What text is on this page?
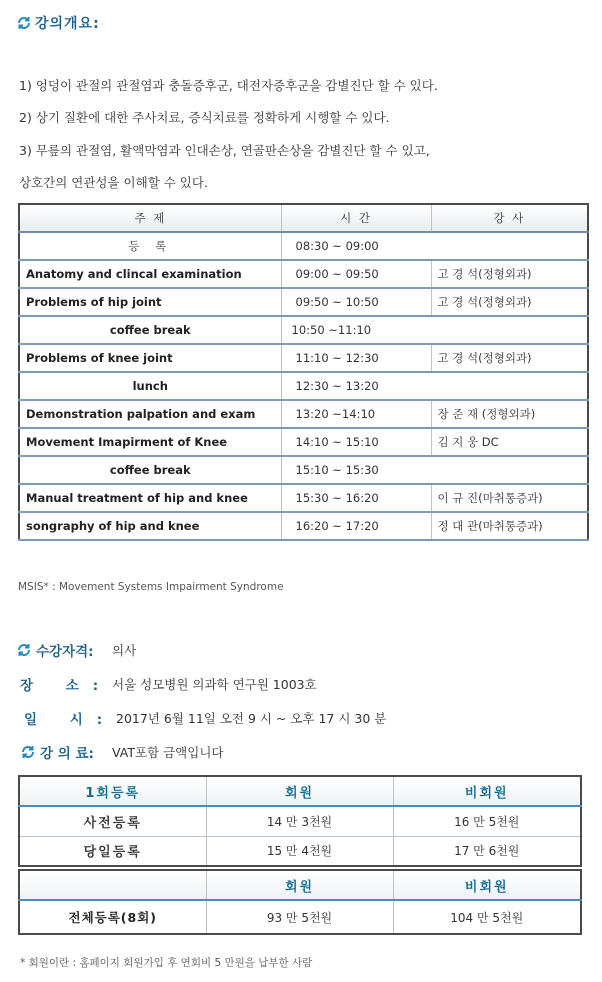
강의개요:
1) 엉덩이 관절의 관절염과 충돌증후군, 대전자증후군을 감별진단 할 수 있다.
2) 상기 질환에 대한 주사치료, 증식치료를 정확하게 시행할 수 있다.
3) 무릎의 관절염, 활액막염과 인대손상, 연골판손상을 감별진단 할 수 있고,
상호간의 연관성을 이해할 수 있다.
주 제	시 간	강 사
등 록	08:30 ~ 09:00	
Anatomy and clincal examination	09:00 ~ 09:50	고 경 석(정형외과)
Problems of hip joint	09:50 ~ 10:50	고 경 석(정형외과)
coffee break	10:50 ~11:10	
Problems of knee joint	11:10 ~ 12:30	고 경 석(정형외과)
lunch	12:30 ~ 13:20	
Demonstration palpation and exam	13:20 ~14:10	장 준 재 (정형외과)
Movement Imapirment of Knee	14:10 ~ 15:10	김 지 웅 DC
coffee break	15:10 ~ 15:30	
Manual treatment of hip and knee	15:30 ~ 16:20	이 규 진(마취통증과)
songraphy of hip and knee	16:20 ~ 17:20	정 대 관(마취통증과)
MSIS* : Movement Systems Impairment Syndrome
수강자격: 의사
장 소: 서울 성모병원 의과학 연구원 1003호
일 시: 2017년 6월 11일 오전 9 시 ~ 오후 17 시 30 분
강 의 료: VAT포함 금액입니다
1회등록	회원	비회원
사전등록	14 만 3천원	16 만 5천원
당일등록	15 만 4천원	17 만 6천원
	회원	비회원
전체등록(8회)	93 만 5천원	104 만 5천원
* 회원이란 : 홈페이지 회원가입 후 연회비 5 만원을 납부한 사람
